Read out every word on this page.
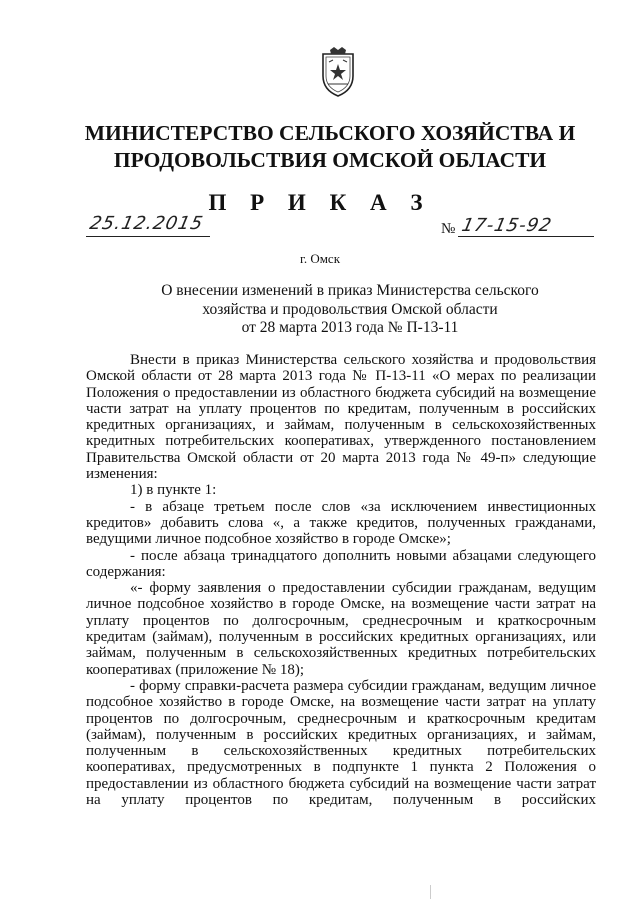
МИНИСТЕРСТВО СЕЛЬСКОГО ХОЗЯЙСТВА И
ПРОДОВОЛЬСТВИЯ ОМСКОЙ ОБЛАСТИ
П Р И К А З
25.12.2015	№ 17-15-92
г. Омск
О внесении изменений в приказ Министерства сельского
хозяйства и продовольствия Омской области
от 28 марта 2013 года № П-13-11

Внести в приказ Министерства сельского хозяйства и продовольствия Омской области от 28 марта 2013 года № П-13-11 «О мерах по реализации Положения о предоставлении из областного бюджета субсидий на возмещение части затрат на уплату процентов по кредитам, полученным в российских кредитных организациях, и займам, полученным в сельскохозяйственных кредитных потребительских кооперативах, утвержденного постановлением Правительства Омской области от 20 марта 2013 года № 49-п» следующие изменения:

1) в пункте 1:

- в абзаце третьем после слов «за исключением инвестиционных кредитов» добавить слова «, а также кредитов, полученных гражданами, ведущими личное подсобное хозяйство в городе Омске»;

- после абзаца тринадцатого дополнить новыми абзацами следующего содержания:

«- форму заявления о предоставлении субсидии гражданам, ведущим личное подсобное хозяйство в городе Омске, на возмещение части затрат на уплату процентов по долгосрочным, среднесрочным и краткосрочным кредитам (займам), полученным в российских кредитных организациях, или займам, полученным в сельскохозяйственных кредитных потребительских кооперативах (приложение № 18);

- форму справки-расчета размера субсидии гражданам, ведущим личное подсобное хозяйство в городе Омске, на возмещение части затрат на уплату процентов по долгосрочным, среднесрочным и краткосрочным кредитам (займам), полученным в российских кредитных организациях, и займам, полученным в сельскохозяйственных кредитных потребительских кооперативах, предусмотренных в подпункте 1 пункта 2 Положения о предоставлении из областного бюджета субсидий на возмещение части затрат на уплату процентов по кредитам, полученным в российских
